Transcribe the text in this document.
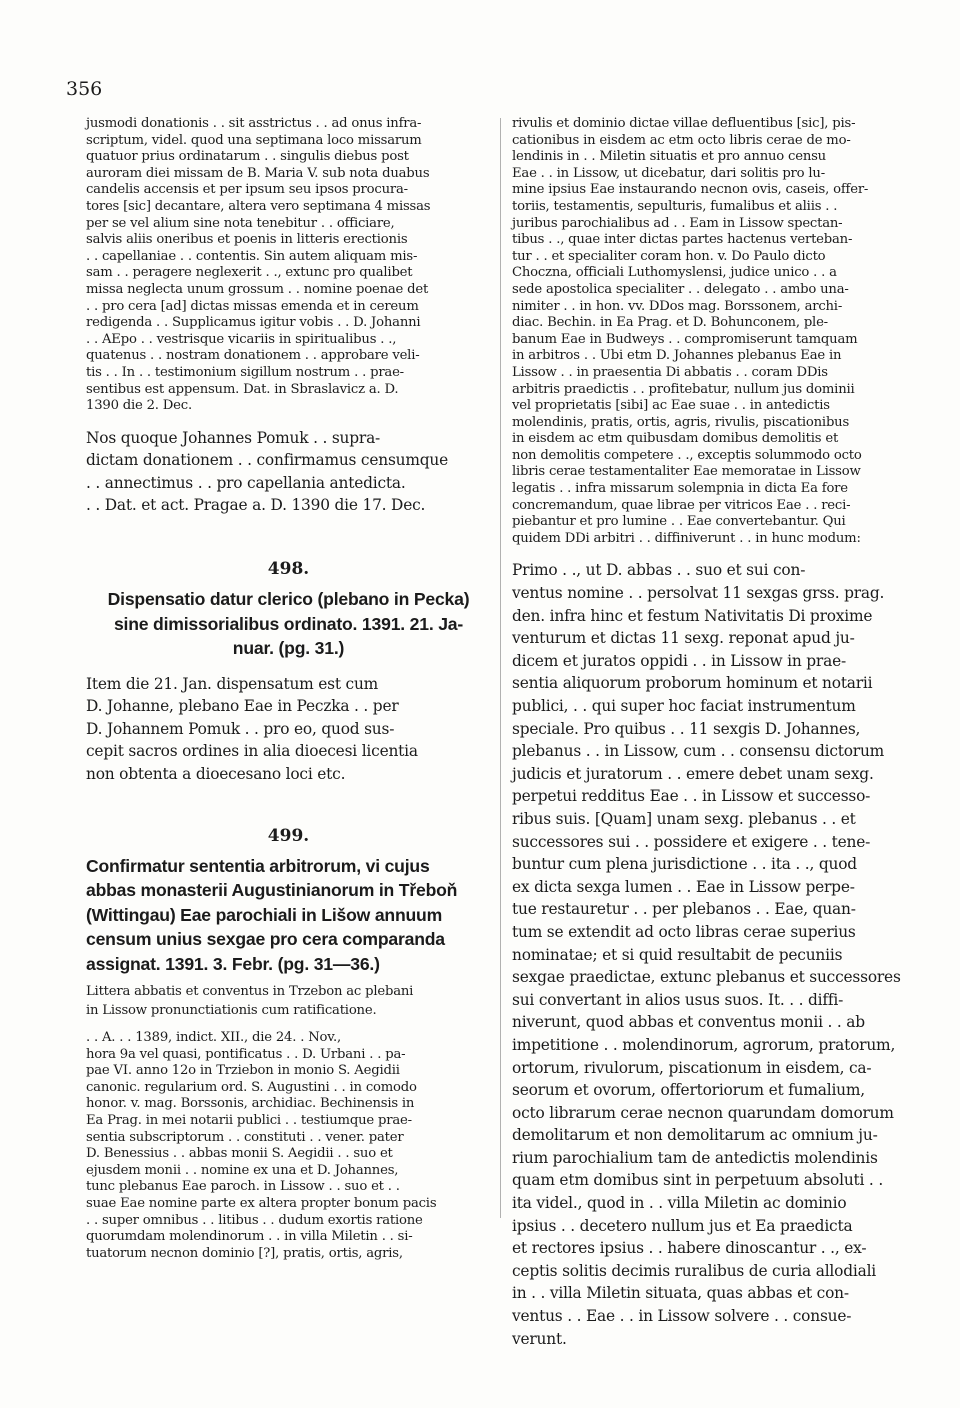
356
jusmodi donationis . . sit asstrictus . . ad onus infra-
scriptum, videl. quod una septimana loco missarum
quatuor prius ordinatarum . . singulis diebus post
auroram diei missam de B. Maria V. sub nota duabus
candelis accensis et per ipsum seu ipsos procura-
tores [sic] decantare, altera vero septimana 4 missas
per se vel alium sine nota tenebitur . . officiare,
salvis aliis oneribus et poenis in litteris erectionis
. . capellaniae . . contentis. Sin autem aliquam mis-
sam . . peragere neglexerit . ., extunc pro qualibet
missa neglecta unum grossum . . nomine poenae det
. . pro cera [ad] dictas missas emenda et in cereum
redigenda . . Supplicamus igitur vobis . . D. Johanni
. . AEpo . . vestrisque vicariis in spiritualibus . .,
quatenus . . nostram donationem . . approbare veli-
tis . . In . . testimonium sigillum nostrum . . prae-
sentibus est appensum. Dat. in Sbraslavicz a. D.
1390 die 2. Dec.
Nos quoque Johannes Pomuk . . supra-
dictam donationem . . confirmamus censumque
. . annectimus . . pro capellania antedicta.
. . Dat. et act. Pragae a. D. 1390 die 17. Dec.
498.
Dispensatio datur clerico (plebano in Pecka)
sine dimissorialibus ordinato. 1391. 21. Ja-
nuar. (pg. 31.)
Item die 21. Jan. dispensatum est cum
D. Johanne, plebano Eae in Peczka . . per
D. Johannem Pomuk . . pro eo, quod sus-
cepit sacros ordines in alia dioecesi licentia
non obtenta a dioecesano loci etc.
499.
Confirmatur sententia arbitrorum, vi cujus
abbas monasterii Augustinianorum in Třeboň
(Wittingau) Eae parochiali in Lišow annuum
censum unius sexgae pro cera comparanda
assignat. 1391. 3. Febr. (pg. 31—36.)
Littera abbatis et conventus in Trzebon ac plebani
in Lissow pronunctiationis cum ratificatione.
. . A. . . 1389, indict. XII., die 24. . Nov.,
hora 9a vel quasi, pontificatus . . D. Urbani . . pa-
pae VI. anno 12o in Trziebon in monio S. Aegidii
canonic. regularium ord. S. Augustini . . in comodo
honor. v. mag. Borssonis, archidiac. Bechinensis in
Ea Prag. in mei notarii publici . . testiumque prae-
sentia subscriptorum . . constituti . . vener. pater
D. Benessius . . abbas monii S. Aegidii . . suo et
ejusdem monii . . nomine ex una et D. Johannes,
tunc plebanus Eae paroch. in Lissow . . suo et . .
suae Eae nomine parte ex altera propter bonum pacis
. . super omnibus . . litibus . . dudum exortis ratione
quorumdam molendinorum . . in villa Miletin . . si-
tuatorum necnon dominio [?], pratis, ortis, agris,
rivulis et dominio dictae villae defluentibus [sic], pis-
cationibus in eisdem ac etm octo libris cerae de mo-
lendinis in . . Miletin situatis et pro annuo censu
Eae . . in Lissow, ut dicebatur, dari solitis pro lu-
mine ipsius Eae instaurando necnon ovis, caseis, offer-
toriis, testamentis, sepulturis, fumalibus et aliis . .
juribus parochialibus ad . . Eam in Lissow spectan-
tibus . ., quae inter dictas partes hactenus verteban-
tur . . et specialiter coram hon. v. Do Paulo dicto
Choczna, officiali Luthomyslensi, judice unico . . a
sede apostolica specialiter . . delegato . . ambo una-
nimiter . . in hon. vv. DDos mag. Borssonem, archi-
diac. Bechin. in Ea Prag. et D. Bohunconem, ple-
banum Eae in Budweys . . compromiserunt tamquam
in arbitros . . Ubi etm D. Johannes plebanus Eae in
Lissow . . in praesentia Di abbatis . . coram DDis
arbitris praedictis . . profitebatur, nullum jus dominii
vel proprietatis [sibi] ac Eae suae . . in antedictis
molendinis, pratis, ortis, agris, rivulis, piscationibus
in eisdem ac etm quibusdam domibus demolitis et
non demolitis competere . ., exceptis solummodo octo
libris cerae testamentaliter Eae memoratae in Lissow
legatis . . infra missarum solempnia in dicta Ea fore
concremandum, quae librae per vitricos Eae . . reci-
piebantur et pro lumine . . Eae convertebantur. Qui
quidem DDi arbitri . . diffiniverunt . . in hunc modum:
Primo . ., ut D. abbas . . suo et sui con-
ventus nomine . . persolvat 11 sexgas grss. prag.
den. infra hinc et festum Nativitatis Di proxime
venturum et dictas 11 sexg. reponat apud ju-
dicem et juratos oppidi . . in Lissow in prae-
sentia aliquorum proborum hominum et notarii
publici, . . qui super hoc faciat instrumentum
speciale. Pro quibus . . 11 sexgis D. Johannes,
plebanus . . in Lissow, cum . . consensu dictorum
judicis et juratorum . . emere debet unam sexg.
perpetui redditus Eae . . in Lissow et successo-
ribus suis. [Quam] unam sexg. plebanus . . et
successores sui . . possidere et exigere . . tene-
buntur cum plena jurisdictione . . ita . ., quod
ex dicta sexga lumen . . Eae in Lissow perpe-
tue restauretur . . per plebanos . . Eae, quan-
tum se extendit ad octo libras cerae superius
nominatae; et si quid resultabit de pecuniis
sexgae praedictae, extunc plebanus et successores
sui convertant in alios usus suos. It. . . diffi-
niverunt, quod abbas et conventus monii . . ab
impetitione . . molendinorum, agrorum, pratorum,
ortorum, rivulorum, piscationum in eisdem, ca-
seorum et ovorum, offertoriorum et fumalium,
octo librarum cerae necnon quarundam domorum
demolitarum et non demolitarum ac omnium ju-
rium parochialium tam de antedictis molendinis
quam etm domibus sint in perpetuum absoluti . .
ita videl., quod in . . villa Miletin ac dominio
ipsius . . decetero nullum jus et Ea praedicta
et rectores ipsius . . habere dinoscantur . ., ex-
ceptis solitis decimis ruralibus de curia allodiali
in . . villa Miletin situata, quas abbas et con-
ventus . . Eae . . in Lissow solvere . . consue-
verunt.
